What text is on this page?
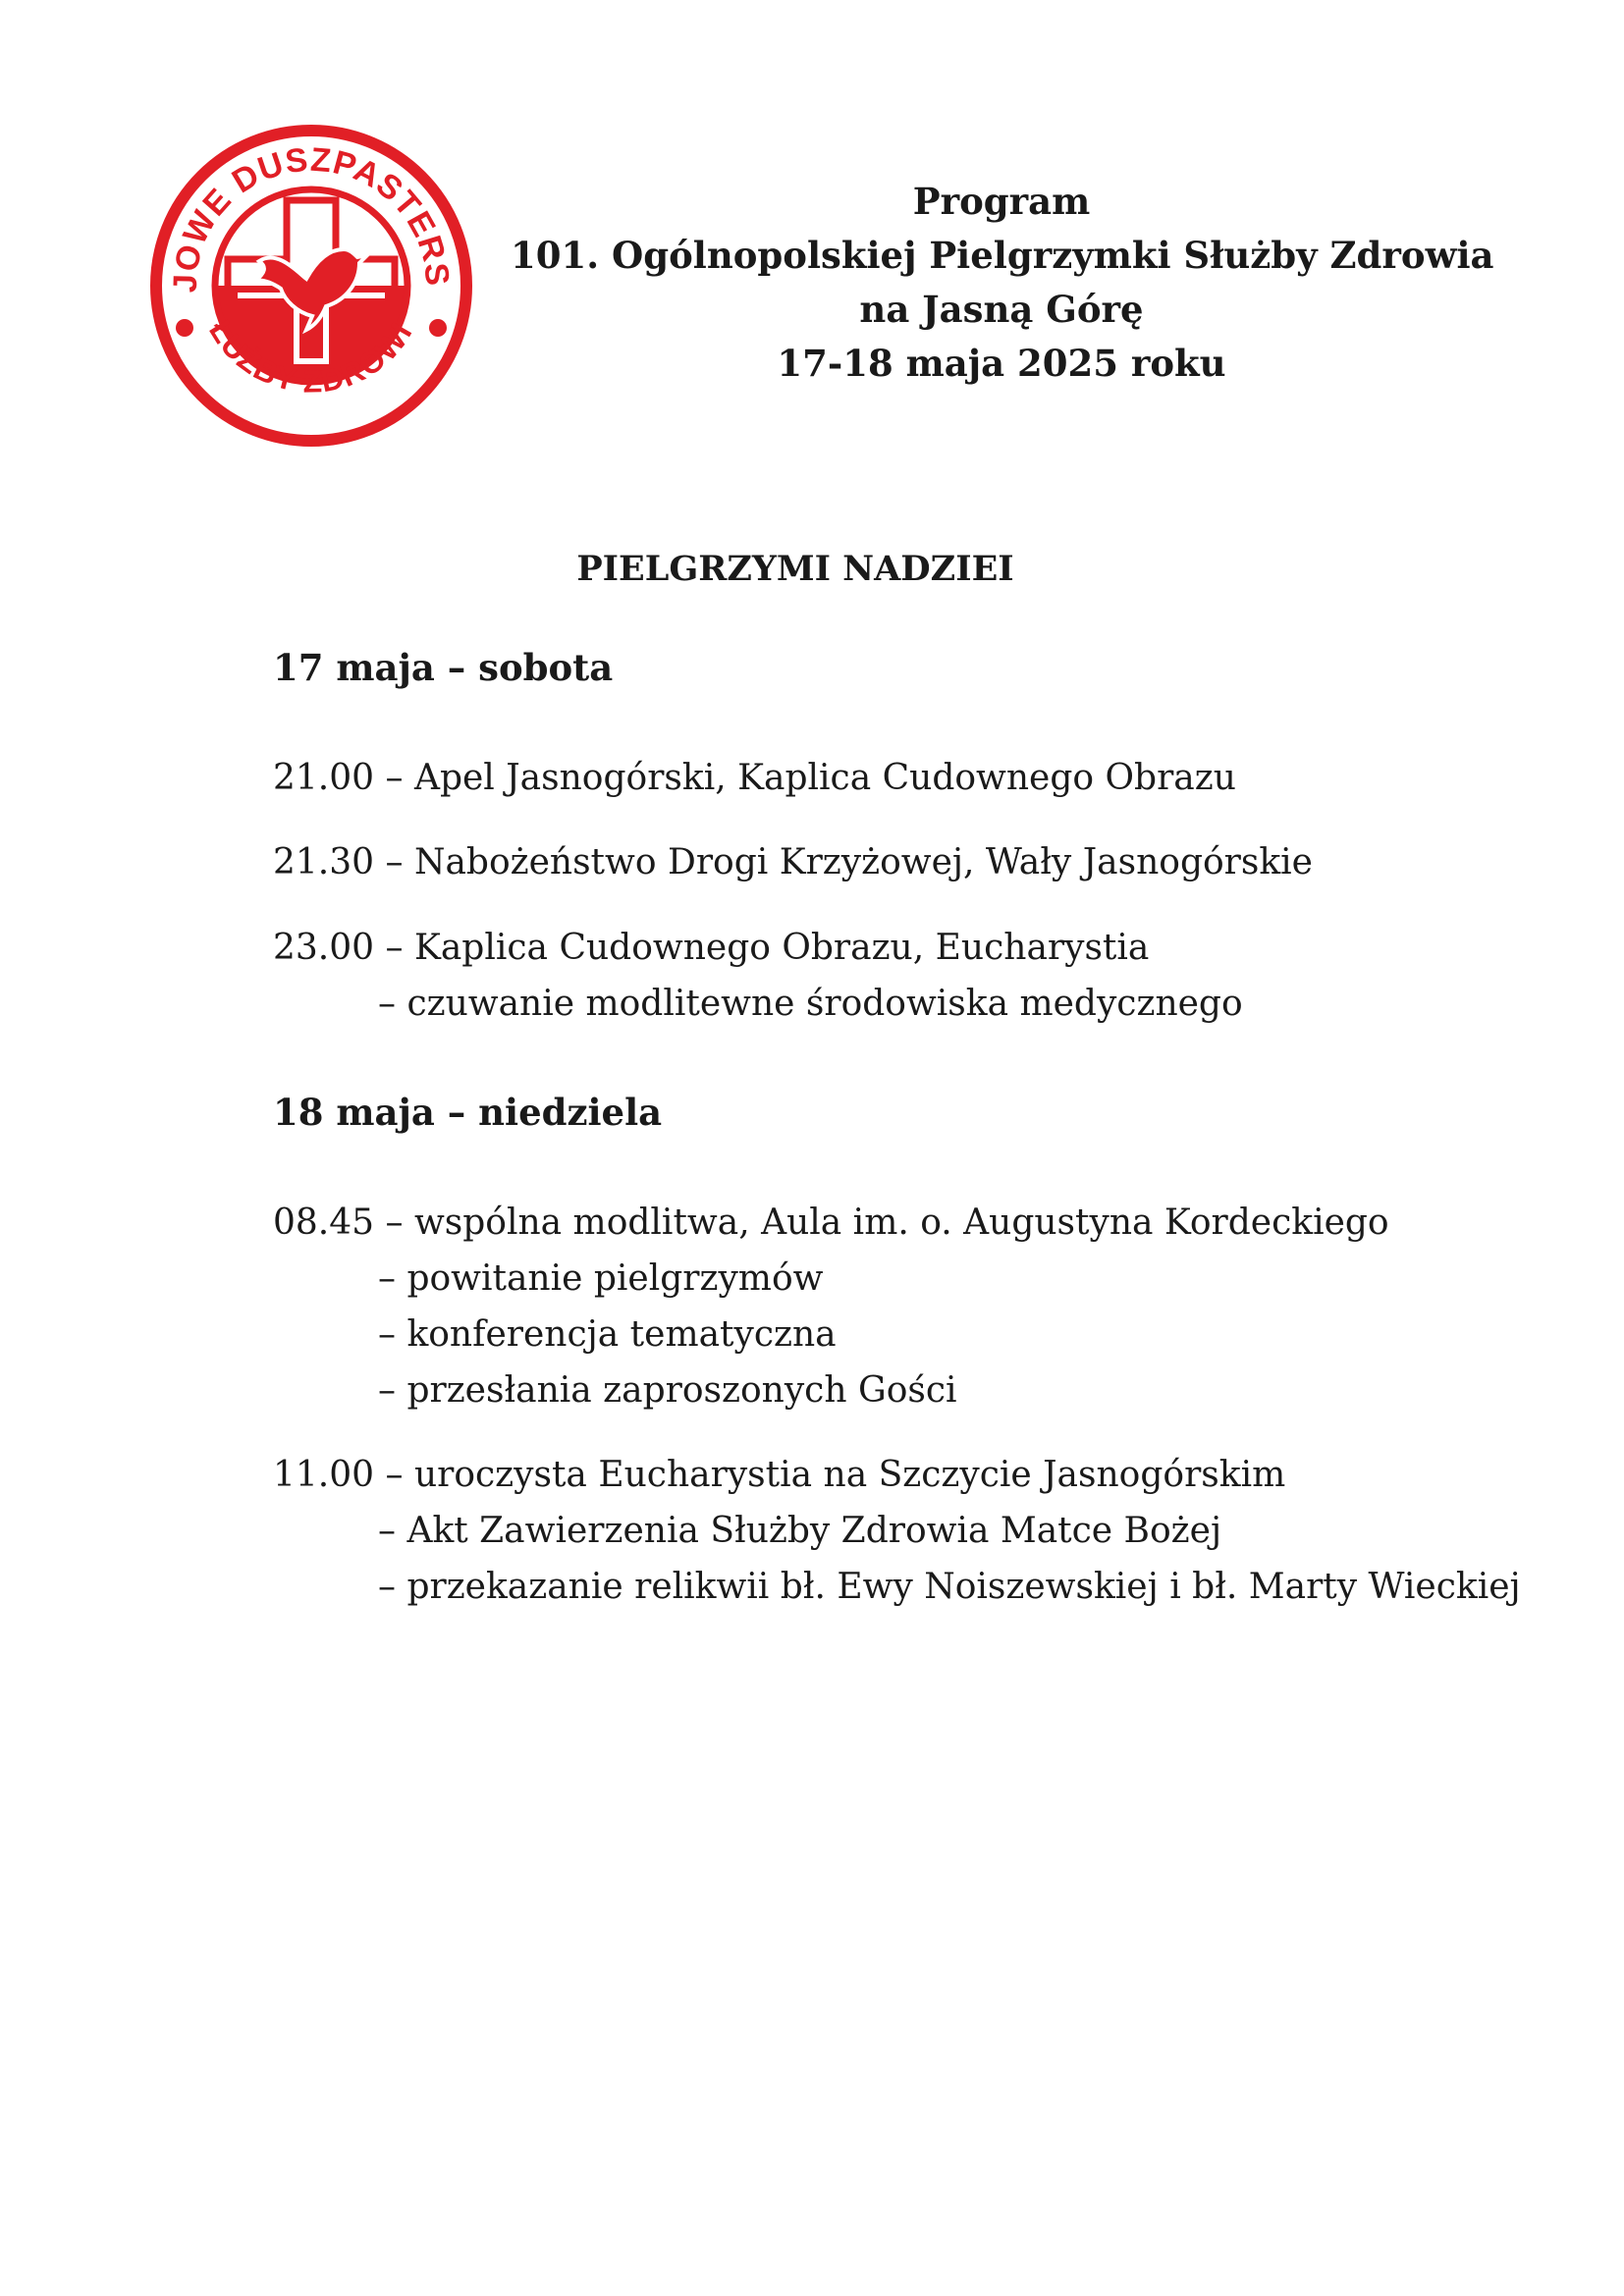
JOWE DUSZPASTERS
ŁUŻBY ZDROWI
Program
101. Ogólnopolskiej Pielgrzymki Służby Zdrowia
na Jasną Górę
17-18 maja 2025 roku
PIELGRZYMI NADZIEI
17 maja – sobota
21.00 – Apel Jasnogórski, Kaplica Cudownego Obrazu
21.30 – Nabożeństwo Drogi Krzyżowej, Wały Jasnogórskie
23.00 – Kaplica Cudownego Obrazu, Eucharystia
– czuwanie modlitewne środowiska medycznego
18 maja – niedziela
08.45 – wspólna modlitwa, Aula im. o. Augustyna Kordeckiego
– powitanie pielgrzymów
– konferencja tematyczna
– przesłania zaproszonych Gości
11.00 – uroczysta Eucharystia na Szczycie Jasnogórskim
– Akt Zawierzenia Służby Zdrowia Matce Bożej
– przekazanie relikwii bł. Ewy Noiszewskiej i bł. Marty Wieckiej
